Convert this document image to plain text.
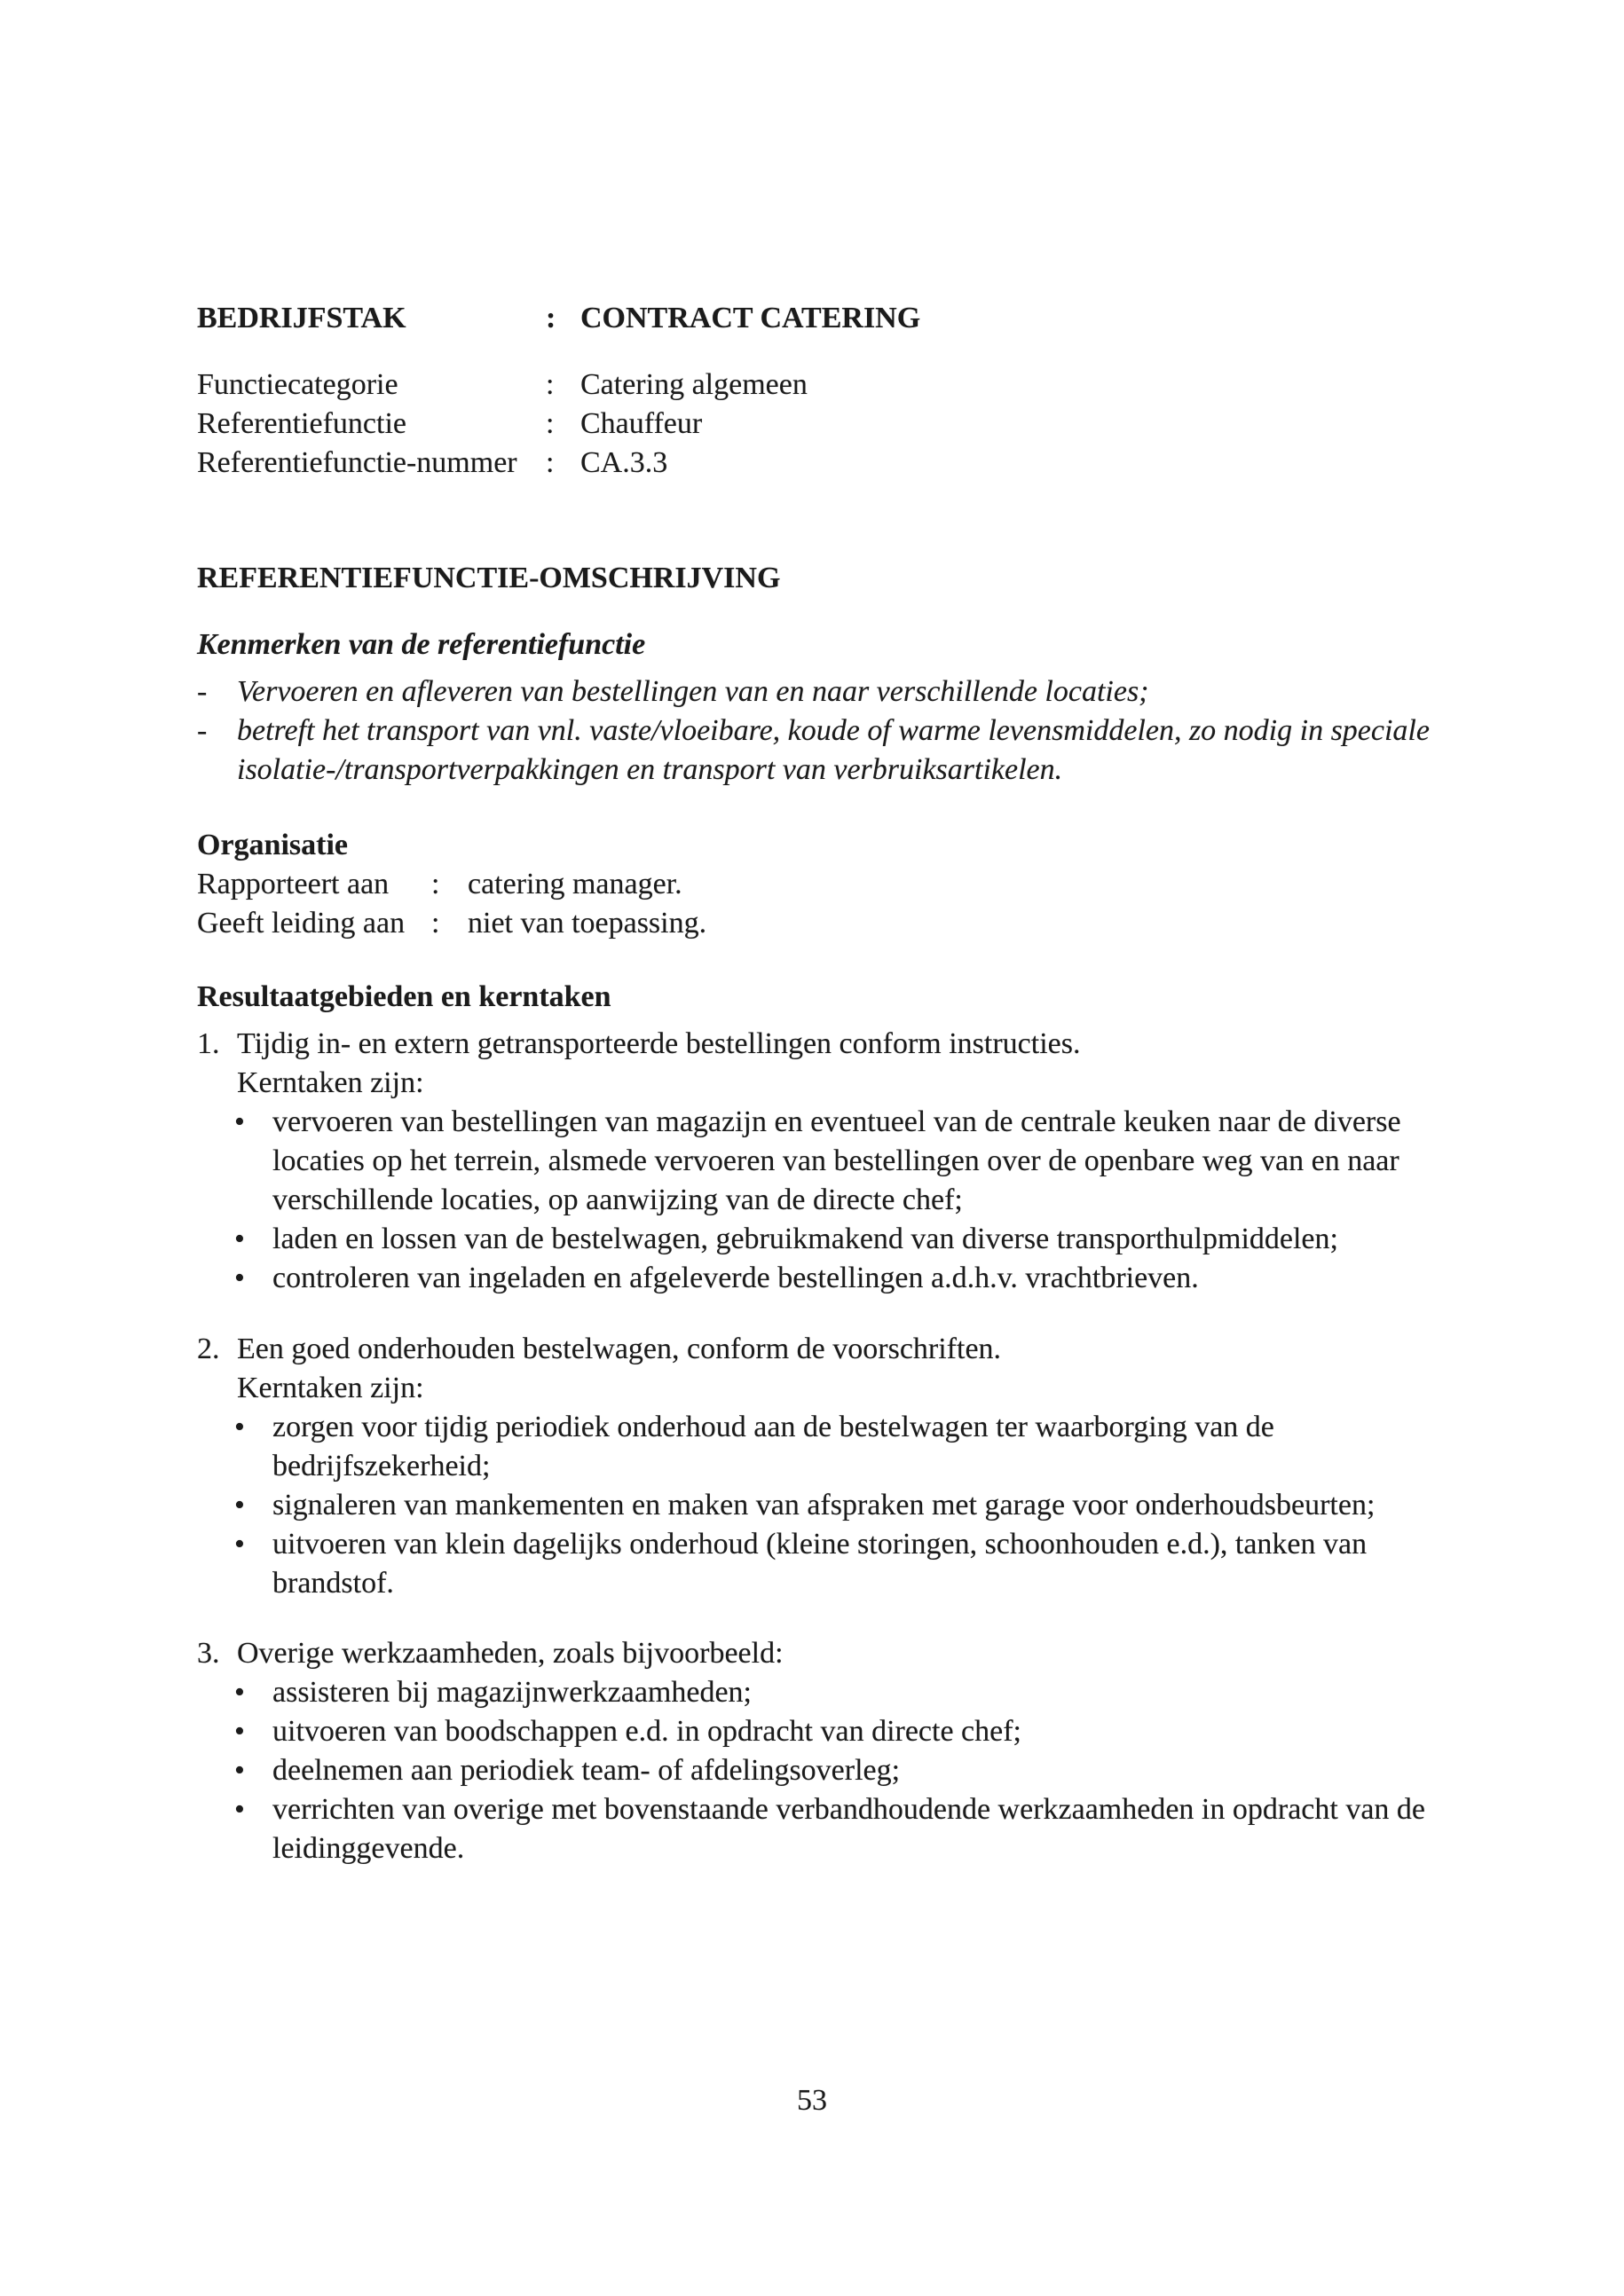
BEDRIJFSTAK	: CONTRACT CATERING
Functiecategorie	: Catering algemeen
Referentiefunctie	: Chauffeur
Referentiefunctie-nummer : CA.3.3
REFERENTIEFUNCTIE-OMSCHRIJVING
Kenmerken van de referentiefunctie
- Vervoeren en afleveren van bestellingen van en naar verschillende locaties;
- betreft het transport van vnl. vaste/vloeibare, koude of warme levensmiddelen, zo nodig in speciale isolatie-/transportverpakkingen en transport van verbruiksartikelen.
Organisatie
Rapporteert aan	: catering manager.
Geeft leiding aan : niet van toepassing.
Resultaatgebieden en kerntaken
1. Tijdig in- en extern getransporteerde bestellingen conform instructies.
Kerntaken zijn:
• vervoeren van bestellingen van magazijn en eventueel van de centrale keuken naar de diverse locaties op het terrein, alsmede vervoeren van bestellingen over de openbare weg van en naar verschillende locaties, op aanwijzing van de directe chef;
• laden en lossen van de bestelwagen, gebruikmakend van diverse transporthulpmiddelen;
• controleren van ingeladen en afgeleverde bestellingen a.d.h.v. vrachtbrieven.
2. Een goed onderhouden bestelwagen, conform de voorschriften.
Kerntaken zijn:
• zorgen voor tijdig periodiek onderhoud aan de bestelwagen ter waarborging van de bedrijfszekerheid;
• signaleren van mankementen en maken van afspraken met garage voor onderhoudsbeurten;
• uitvoeren van klein dagelijks onderhoud (kleine storingen, schoonhouden e.d.), tanken van brandstof.
3. Overige werkzaamheden, zoals bijvoorbeeld:
• assisteren bij magazijnwerkzaamheden;
• uitvoeren van boodschappen e.d. in opdracht van directe chef;
• deelnemen aan periodiek team- of afdelingsoverleg;
• verrichten van overige met bovenstaande verbandhoudende werkzaamheden in opdracht van de leidinggevende.
53
